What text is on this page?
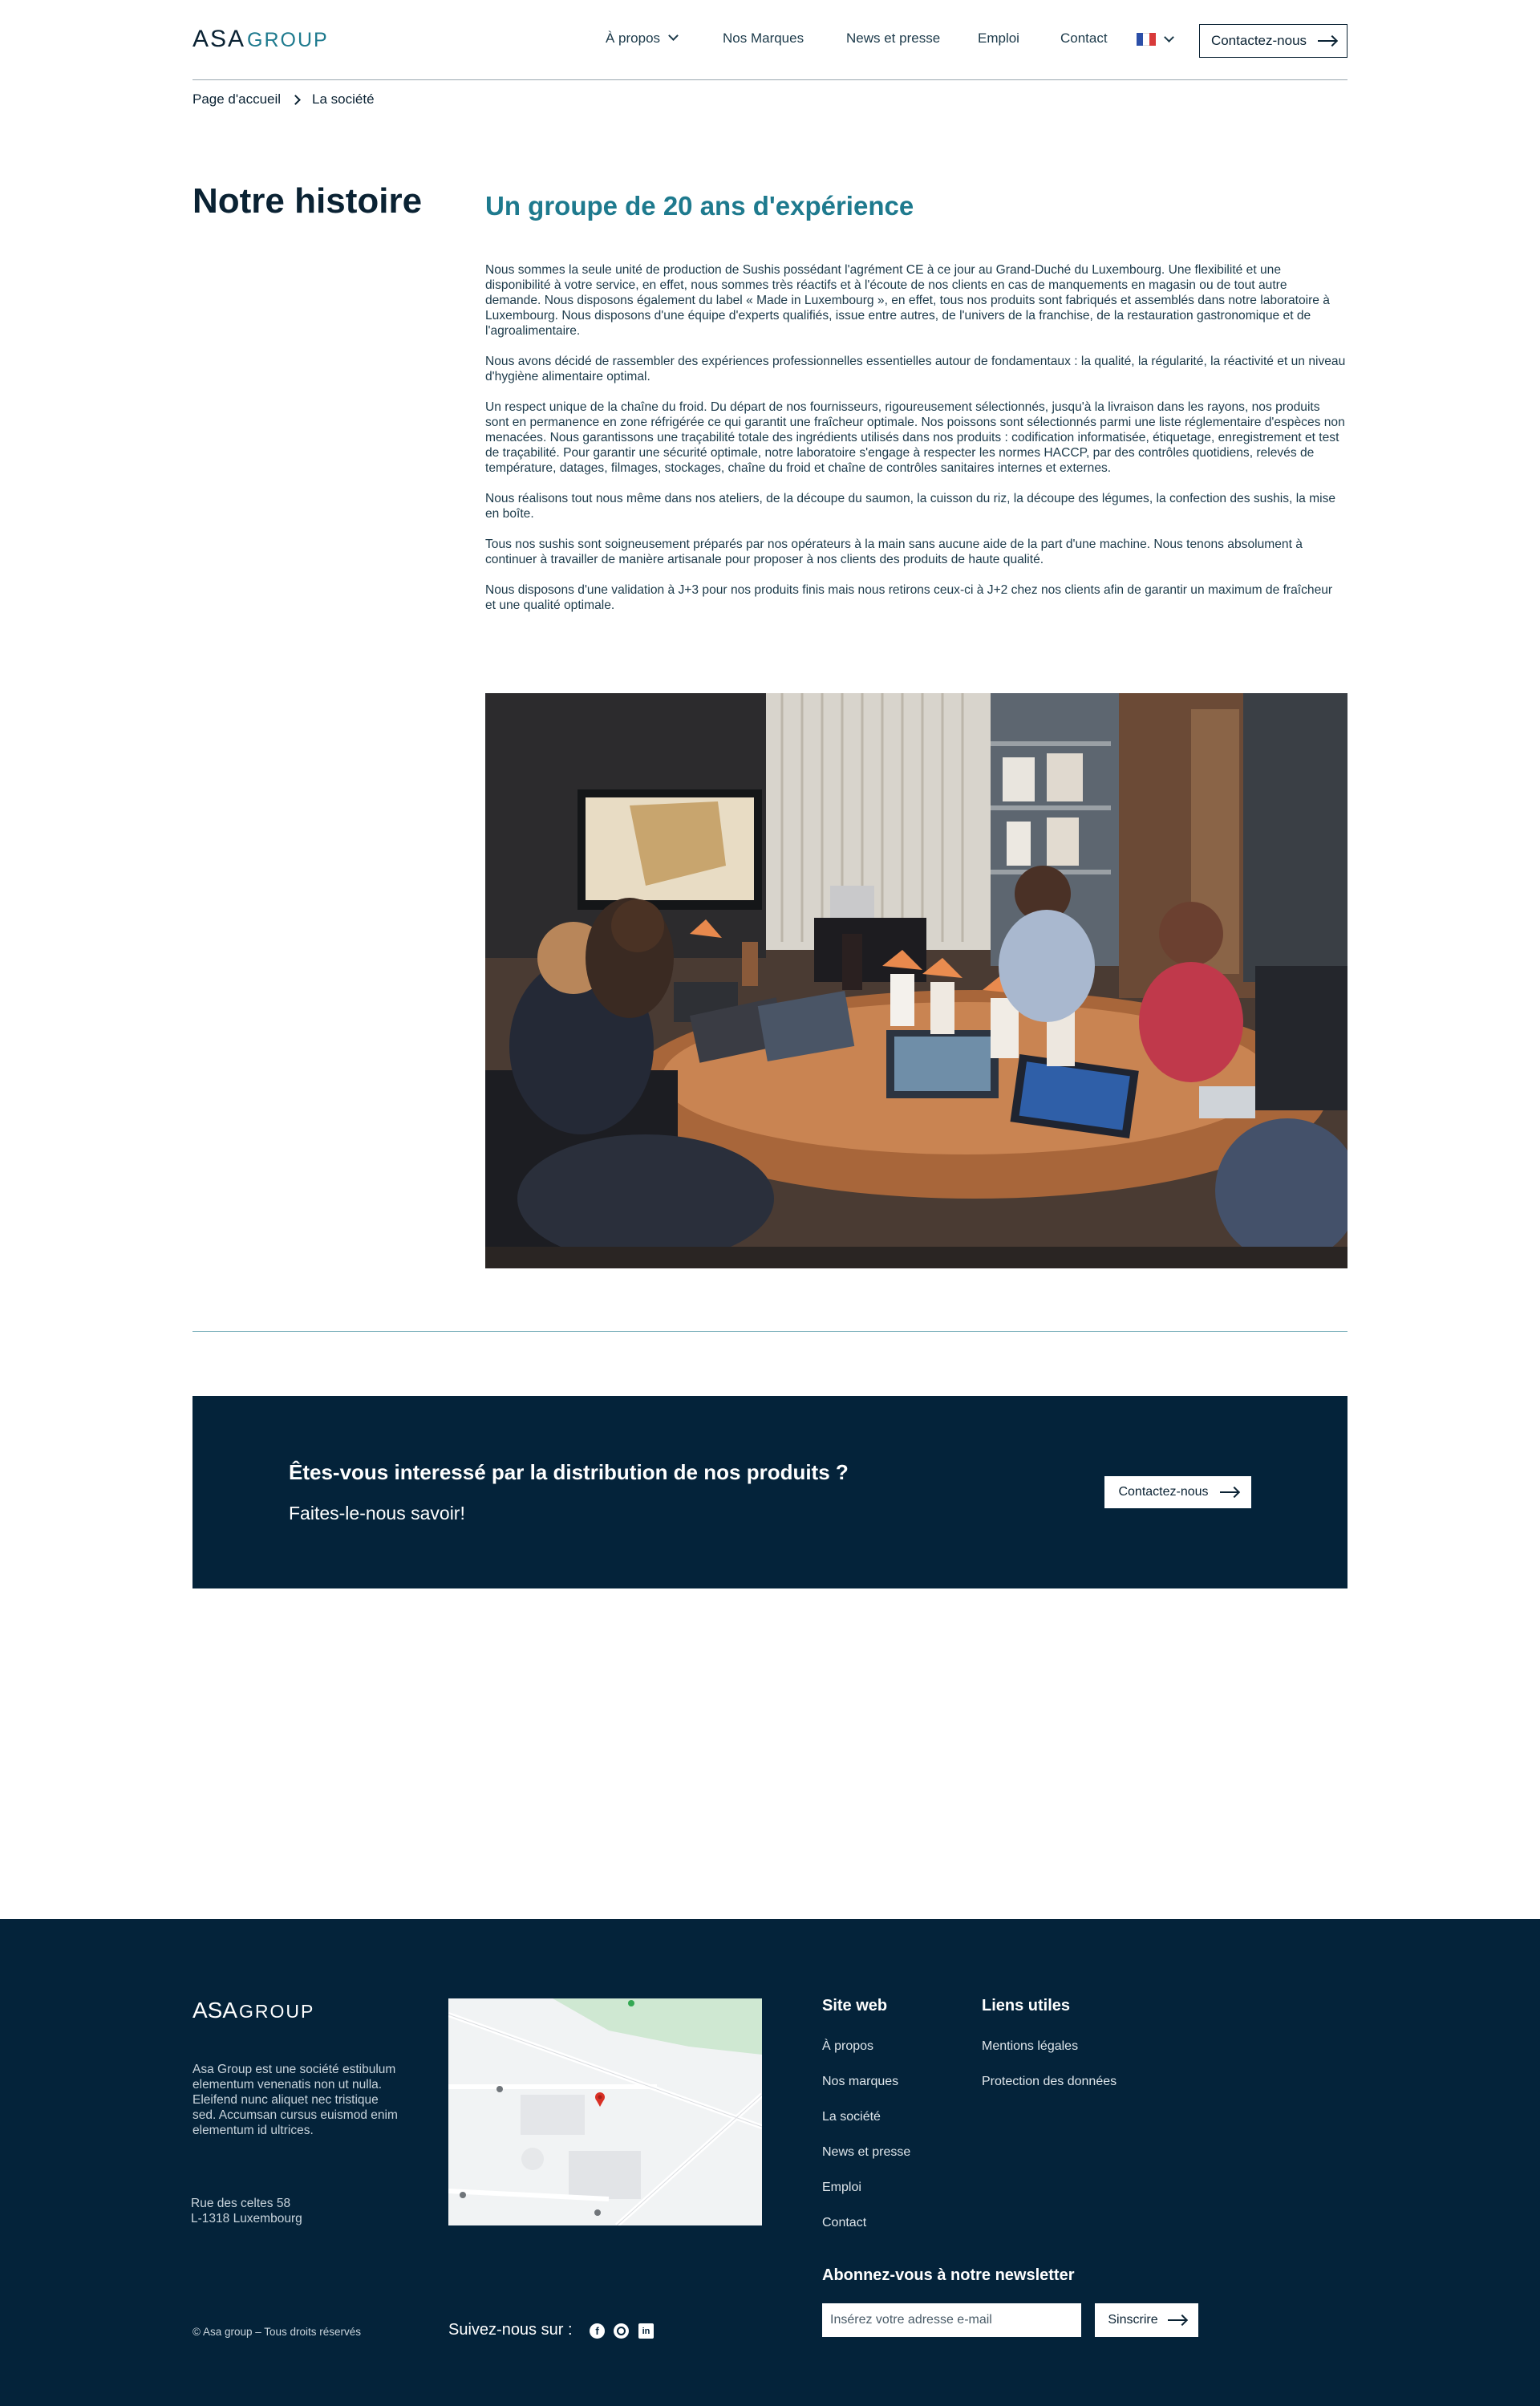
ASAGROUP	À propos	Nos Marques	News et presse	Emploi	Contact	Contactez-nous
Page d'accueil La société
Notre histoire Un groupe de 20 ans d'expérience

Nous sommes la seule unité de production de Sushis possédant l'agrément CE à ce jour au Grand-Duché du Luxembourg. Une flexibilité et une disponibilité à votre service, en effet, nous sommes très réactifs et à l'écoute de nos clients en cas de manquements en magasin ou de tout autre demande. Nous disposons également du label « Made in Luxembourg », en effet, tous nos produits sont fabriqués et assemblés dans notre laboratoire à Luxembourg. Nous disposons d'une équipe d'experts qualifiés, issue entre autres, de l'univers de la franchise, de la restauration gastronomique et de l'agroalimentaire.

Nous avons décidé de rassembler des expériences professionnelles essentielles autour de fondamentaux : la qualité, la régularité, la réactivité et un niveau d'hygiène alimentaire optimal.

Un respect unique de la chaîne du froid. Du départ de nos fournisseurs, rigoureusement sélectionnés, jusqu'à la livraison dans les rayons, nos produits sont en permanence en zone réfrigérée ce qui garantit une fraîcheur optimale. Nos poissons sont sélectionnés parmi une liste réglementaire d'espèces non menacées. Nous garantissons une traçabilité totale des ingrédients utilisés dans nos produits : codification informatisée, étiquetage, enregistrement et test de traçabilité. Pour garantir une sécurité optimale, notre laboratoire s'engage à respecter les normes HACCP, par des contrôles quotidiens, relevés de température, datages, filmages, stockages, chaîne du froid et chaîne de contrôles sanitaires internes et externes.

Nous réalisons tout nous même dans nos ateliers, de la découpe du saumon, la cuisson du riz, la découpe des légumes, la confection des sushis, la mise en boîte.

Tous nos sushis sont soigneusement préparés par nos opérateurs à la main sans aucune aide de la part d'une machine. Nous tenons absolument à continuer à travailler de manière artisanale pour proposer à nos clients des produits de haute qualité.

Nous disposons d'une validation à J+3 pour nos produits finis mais nous retirons ceux-ci à J+2 chez nos clients afin de garantir un maximum de fraîcheur et une qualité optimale.

Êtes-vous interessé par la distribution de nos produits ?
Faites-le-nous savoir!
Contactez-nous
ASAGROUP
Asa Group est une société estibulum elementum venenatis non ut nulla. Eleifend nunc aliquet nec tristique sed. Accumsan cursus euismod enim elementum id ultrices.
Rue des celtes 58
L-1318 Luxembourg
© Asa group – Tous droits réservés	Suivez-nous sur :	f	in
Site web
À propos
Nos marques
La société
News et presse
Emploi
Contact
Liens utiles
Mentions légales
Protection des données
Abonnez-vous à notre newsletter
Insérez votre adresse e-mail
Sinscrire
